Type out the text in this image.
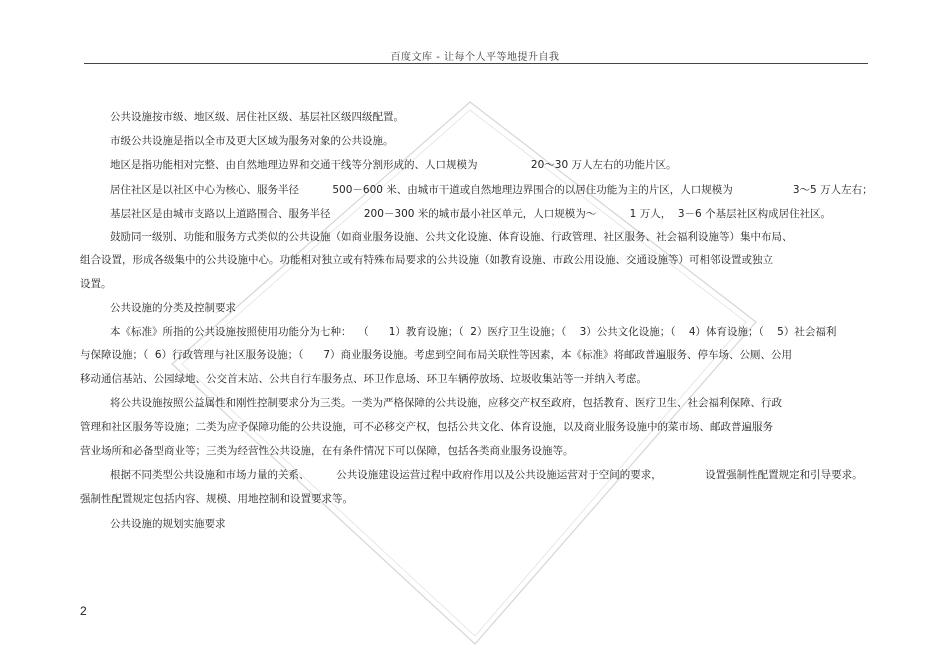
百度文库 - 让每个人平等地提升自我
公共设施按市级、地区级、居住社区级、基层社区级四级配置。
市级公共设施是指以全市及更大区域为服务对象的公共设施。
地区是指功能相对完整、由自然地理边界和交通干线等分割形成的、人口规模为                20～30 万人左右的功能片区。
居住社区是以社区中心为核心、服务半径          500－600 米、由城市干道或自然地理边界围合的以居住功能为主的片区，人口规模为                  3～5 万人左右；
基层社区是由城市支路以上道路围合、服务半径          200－300 米的城市最小社区单元，人口规模为～          1 万人，  3－6 个基层社区构成居住社区。
鼓励同一级别、功能和服务方式类似的公共设施（如商业服务设施、公共文化设施、体育设施、行政管理、社区服务、社会福利设施等）集中布局、
组合设置，形成各级集中的公共设施中心。功能相对独立或有特殊布局要求的公共设施（如教育设施、市政公用设施、交通设施等）可相邻设置或独立
设置。
公共设施的分类及控制要求
本《标准》所指的公共设施按照使用功能分为七种：  （      1）教育设施；（  2）医疗卫生设施；（    3）公共文化设施；（    4）体育设施；（    5）社会福利
与保障设施；（  6）行政管理与社区服务设施；（      7）商业服务设施。考虑到空间布局关联性等因素，本《标准》将邮政普遍服务、停车场、公厕、公用
移动通信基站、公园绿地、公交首末站、公共自行车服务点、环卫作息场、环卫车辆停放场、垃圾收集站等一并纳入考虑。
将公共设施按照公益属性和刚性控制要求分为三类。一类为严格保障的公共设施，应移交产权至政府，包括教育、医疗卫生、社会福利保障、行政
管理和社区服务等设施；二类为应予保障功能的公共设施，可不必移交产权，包括公共文化、体育设施，以及商业服务设施中的菜市场、邮政普遍服务
营业场所和必备型商业等；三类为经营性公共设施，在有条件情况下可以保障，包括各类商业服务设施等。
根据不同类型公共设施和市场力量的关系、        公共设施建设运营过程中政府作用以及公共设施运营对于空间的要求，             设置强制性配置规定和引导要求。
强制性配置规定包括内容、规模、用地控制和设置要求等。
公共设施的规划实施要求
2
